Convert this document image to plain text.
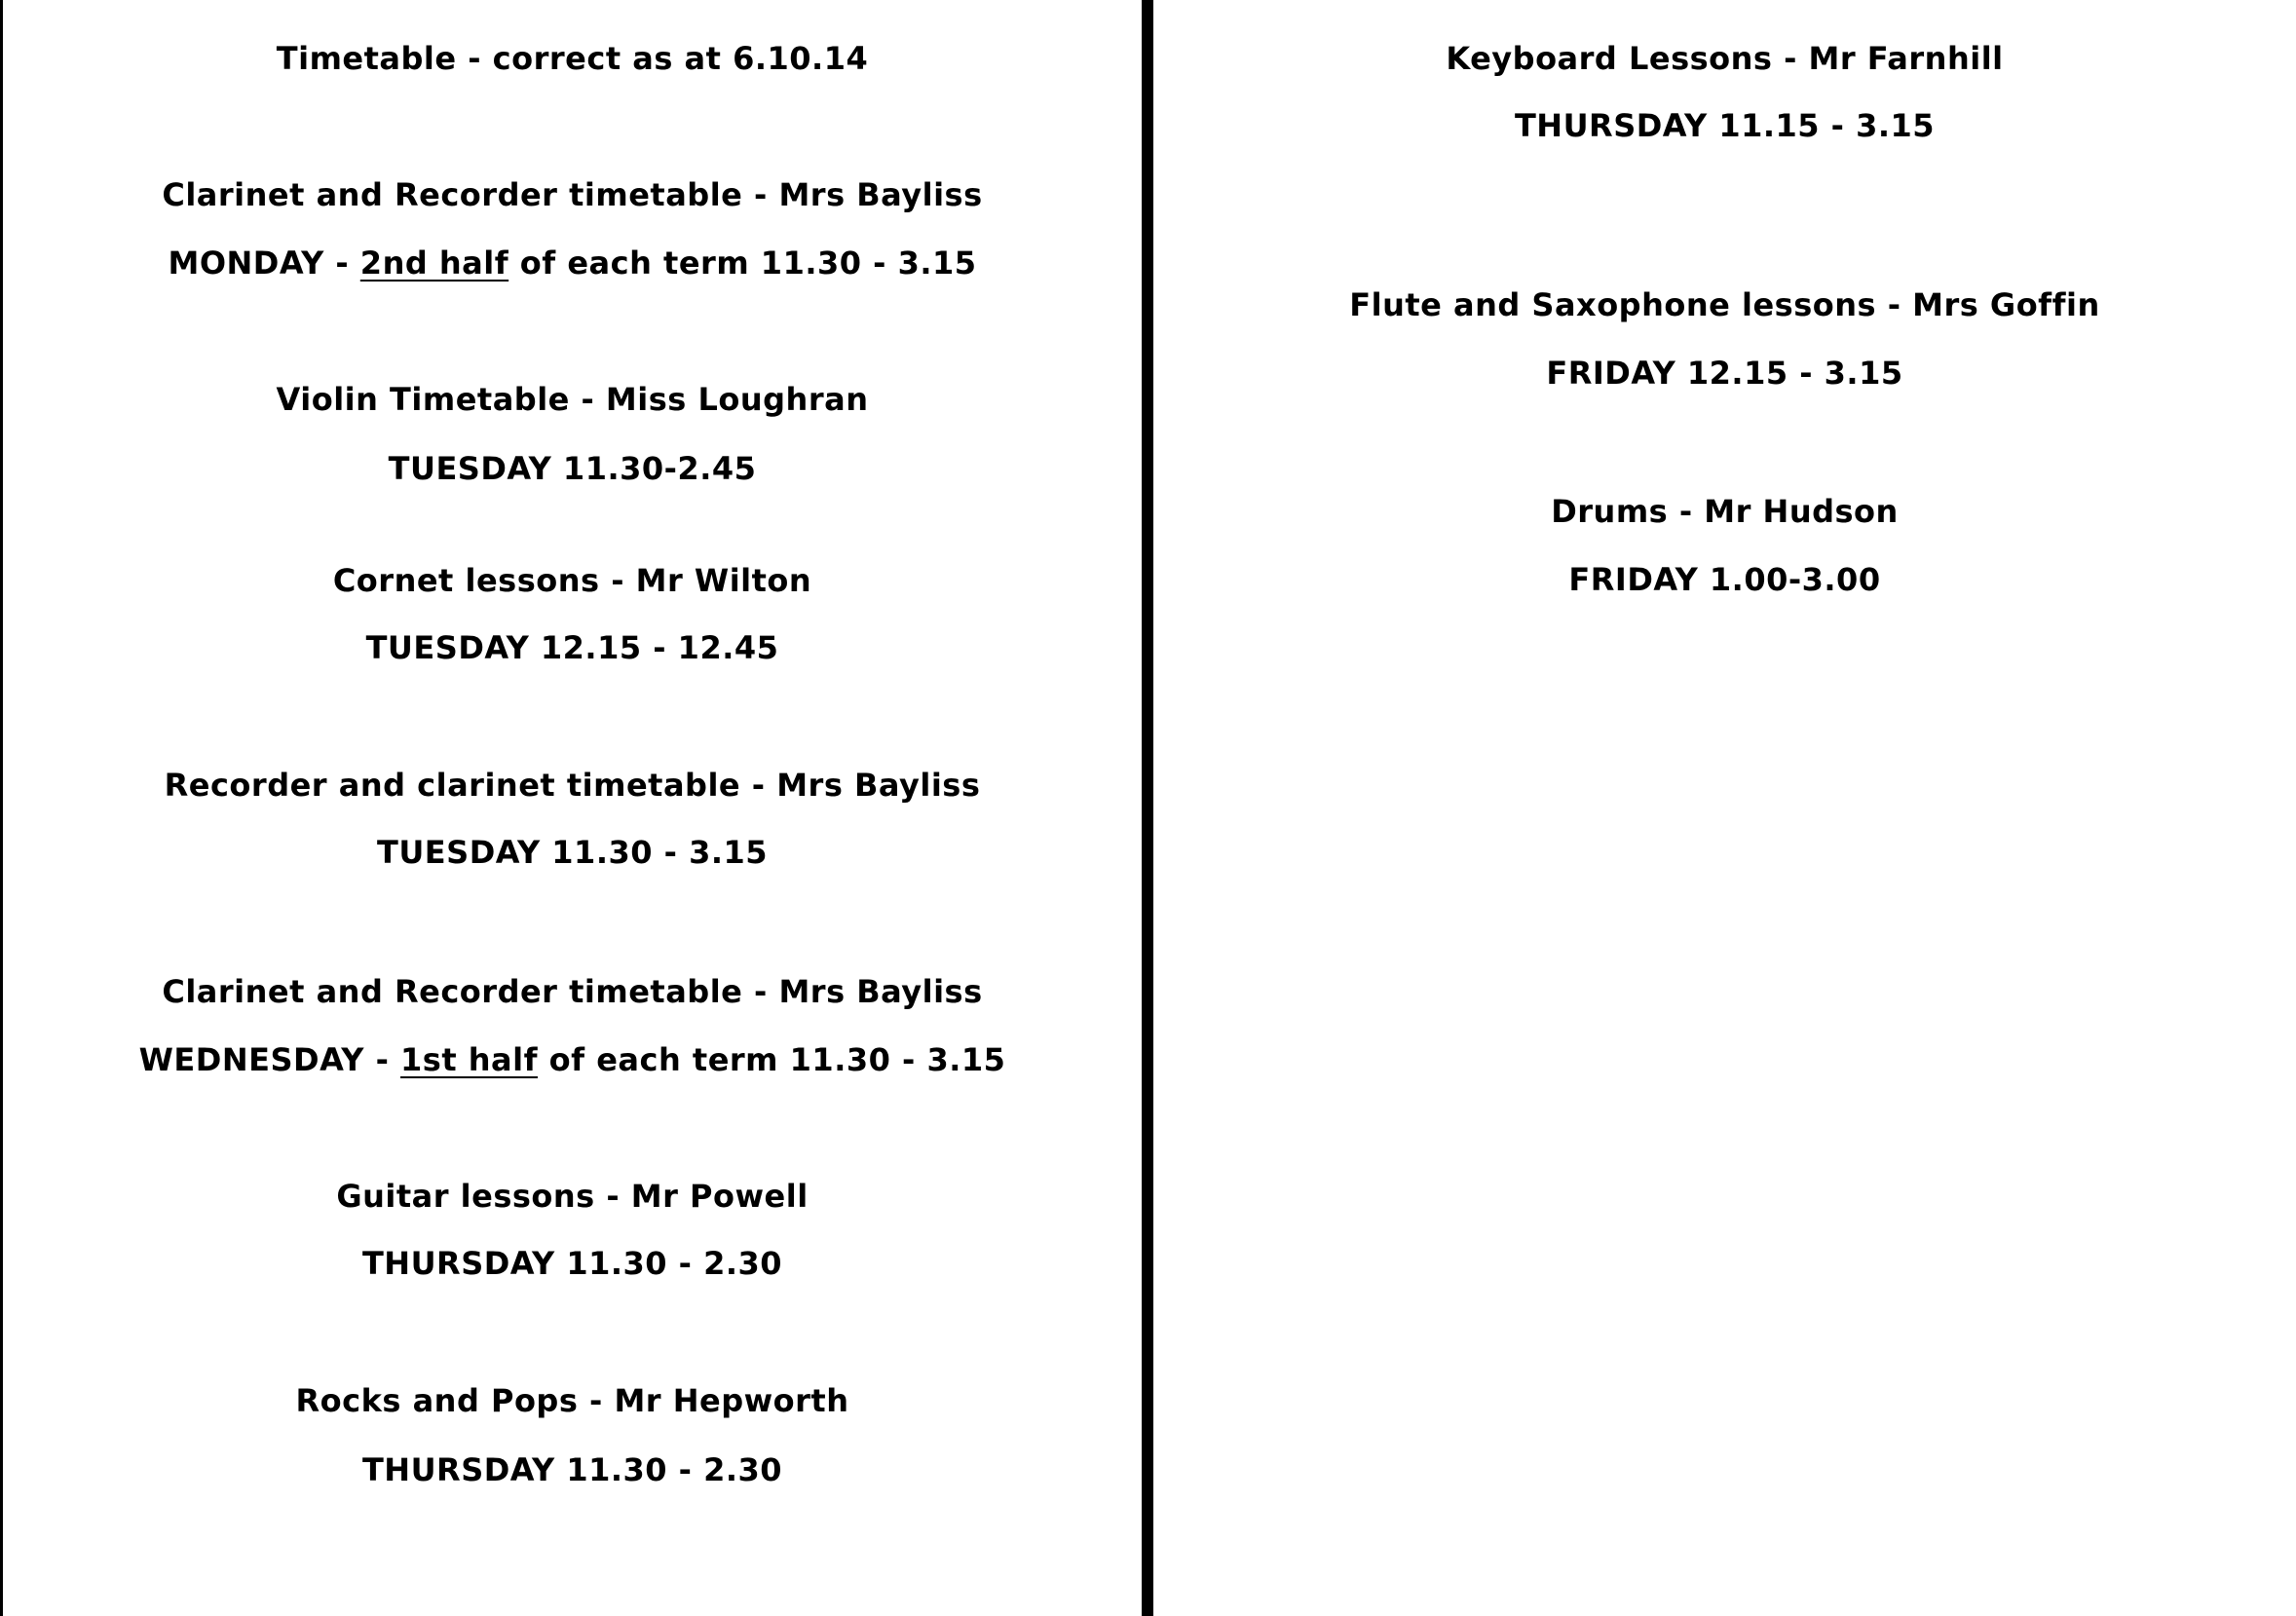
Timetable - correct as at 6.10.14
Clarinet and Recorder timetable - Mrs Bayliss
MONDAY - 2nd half of each term 11.30 - 3.15
Violin Timetable - Miss Loughran
TUESDAY 11.30-2.45
Cornet lessons - Mr Wilton
TUESDAY 12.15 - 12.45
Recorder and clarinet timetable - Mrs Bayliss
TUESDAY 11.30 - 3.15
Clarinet and Recorder timetable - Mrs Bayliss
WEDNESDAY - 1st half of each term 11.30 - 3.15
Guitar lessons - Mr Powell
THURSDAY 11.30 - 2.30
Rocks and Pops - Mr Hepworth
THURSDAY 11.30 - 2.30
Keyboard Lessons - Mr Farnhill
THURSDAY 11.15 - 3.15
Flute and Saxophone lessons - Mrs Goffin
FRIDAY 12.15 - 3.15
Drums - Mr Hudson
FRIDAY 1.00-3.00
